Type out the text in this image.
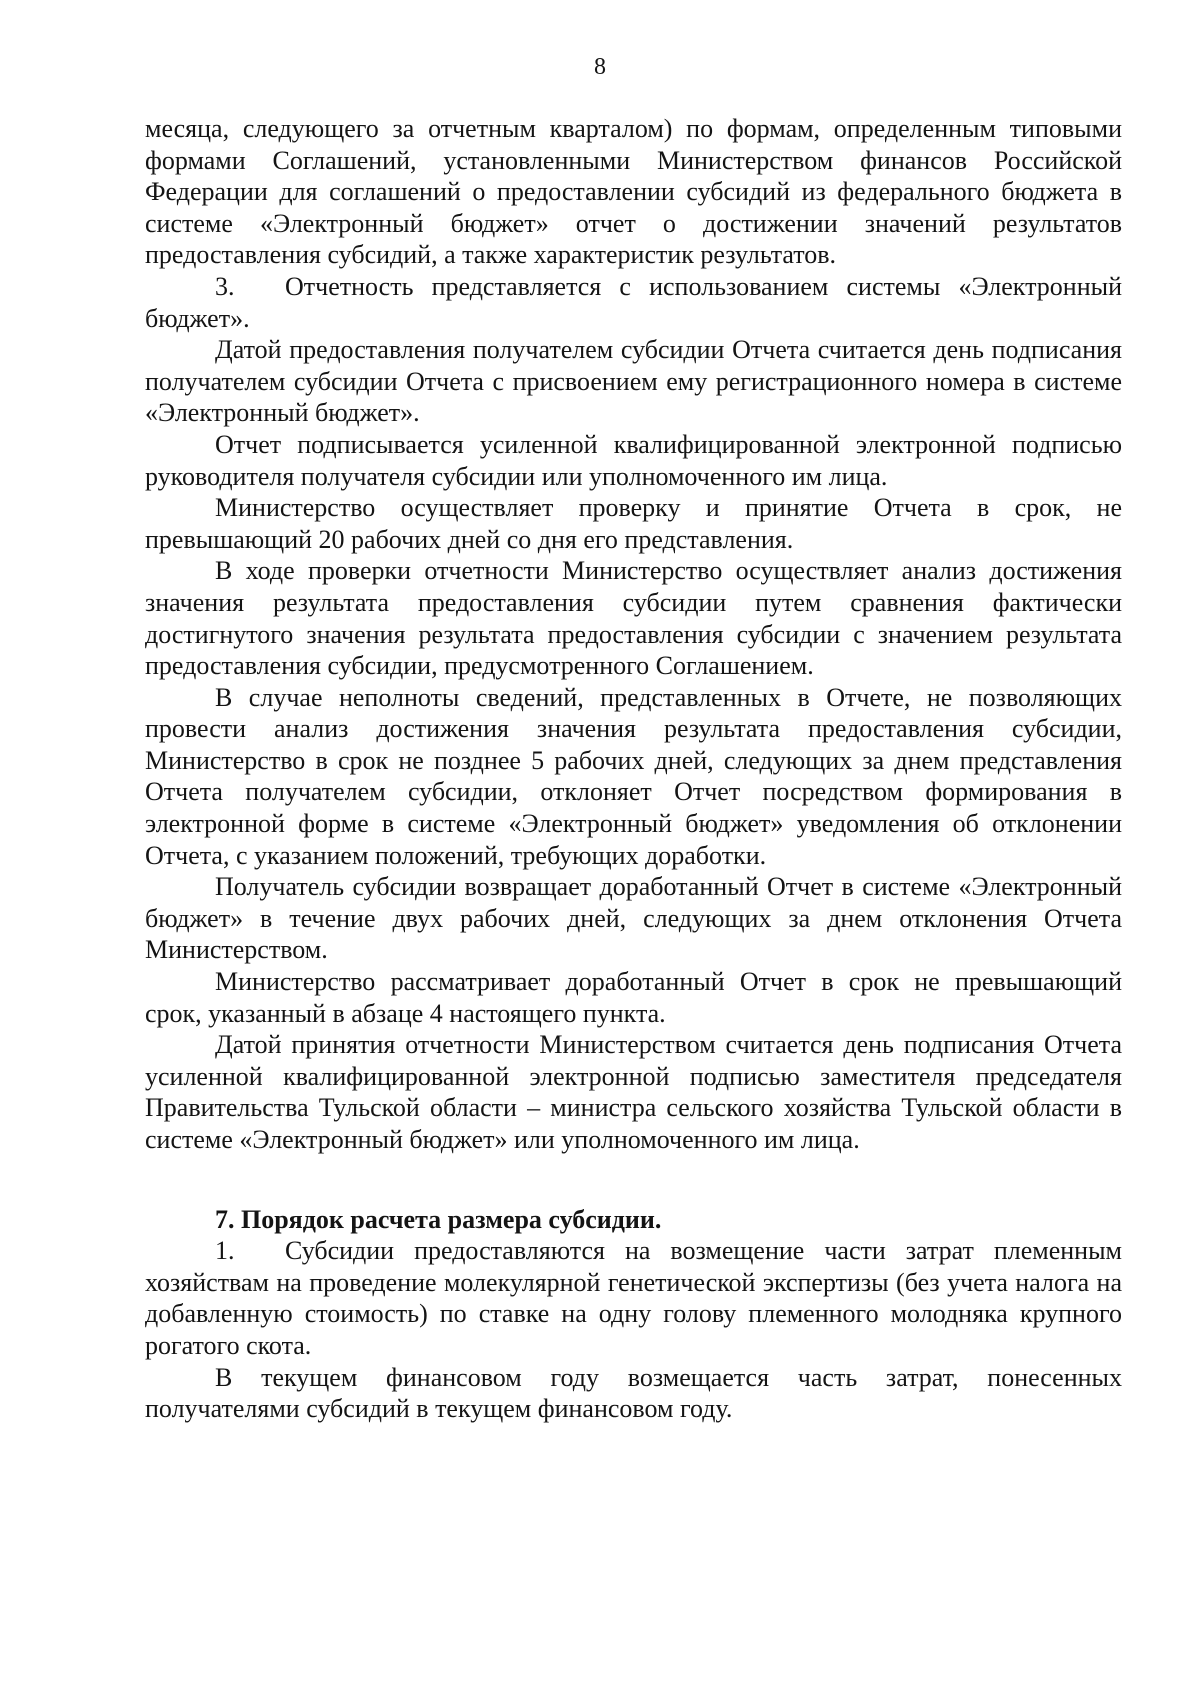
8

месяца, следующего за отчетным кварталом) по формам, определенным типовыми формами Соглашений, установленными Министерством финансов Российской Федерации для соглашений о предоставлении субсидий из федерального бюджета в системе «Электронный бюджет» отчет о достижении значений результатов предоставления субсидий, а также характеристик результатов.

3. Отчетность представляется с использованием системы «Электронный бюджет».

Датой предоставления получателем субсидии Отчета считается день подписания получателем субсидии Отчета с присвоением ему регистрационного номера в системе «Электронный бюджет».

Отчет подписывается усиленной квалифицированной электронной подписью руководителя получателя субсидии или уполномоченного им лица.

Министерство осуществляет проверку и принятие Отчета в срок, не превышающий 20 рабочих дней со дня его представления.

В ходе проверки отчетности Министерство осуществляет анализ достижения значения результата предоставления субсидии путем сравнения фактически достигнутого значения результата предоставления субсидии с значением результата предоставления субсидии, предусмотренного Соглашением.

В случае неполноты сведений, представленных в Отчете, не позволяющих провести анализ достижения значения результата предоставления субсидии, Министерство в срок не позднее 5 рабочих дней, следующих за днем представления Отчета получателем субсидии, отклоняет Отчет посредством формирования в электронной форме в системе «Электронный бюджет» уведомления об отклонении Отчета, с указанием положений, требующих доработки.

Получатель субсидии возвращает доработанный Отчет в системе «Электронный бюджет» в течение двух рабочих дней, следующих за днем отклонения Отчета Министерством.

Министерство рассматривает доработанный Отчет в срок не превышающий срок, указанный в абзаце 4 настоящего пункта.

Датой принятия отчетности Министерством считается день подписания Отчета усиленной квалифицированной электронной подписью заместителя председателя Правительства Тульской области – министра сельского хозяйства Тульской области в системе «Электронный бюджет» или уполномоченного им лица.

7. Порядок расчета размера субсидии.

1. Субсидии предоставляются на возмещение части затрат племенным хозяйствам на проведение молекулярной генетической экспертизы (без учета налога на добавленную стоимость) по ставке на одну голову племенного молодняка крупного рогатого скота.

В текущем финансовом году возмещается часть затрат, понесенных получателями субсидий в текущем финансовом году.
